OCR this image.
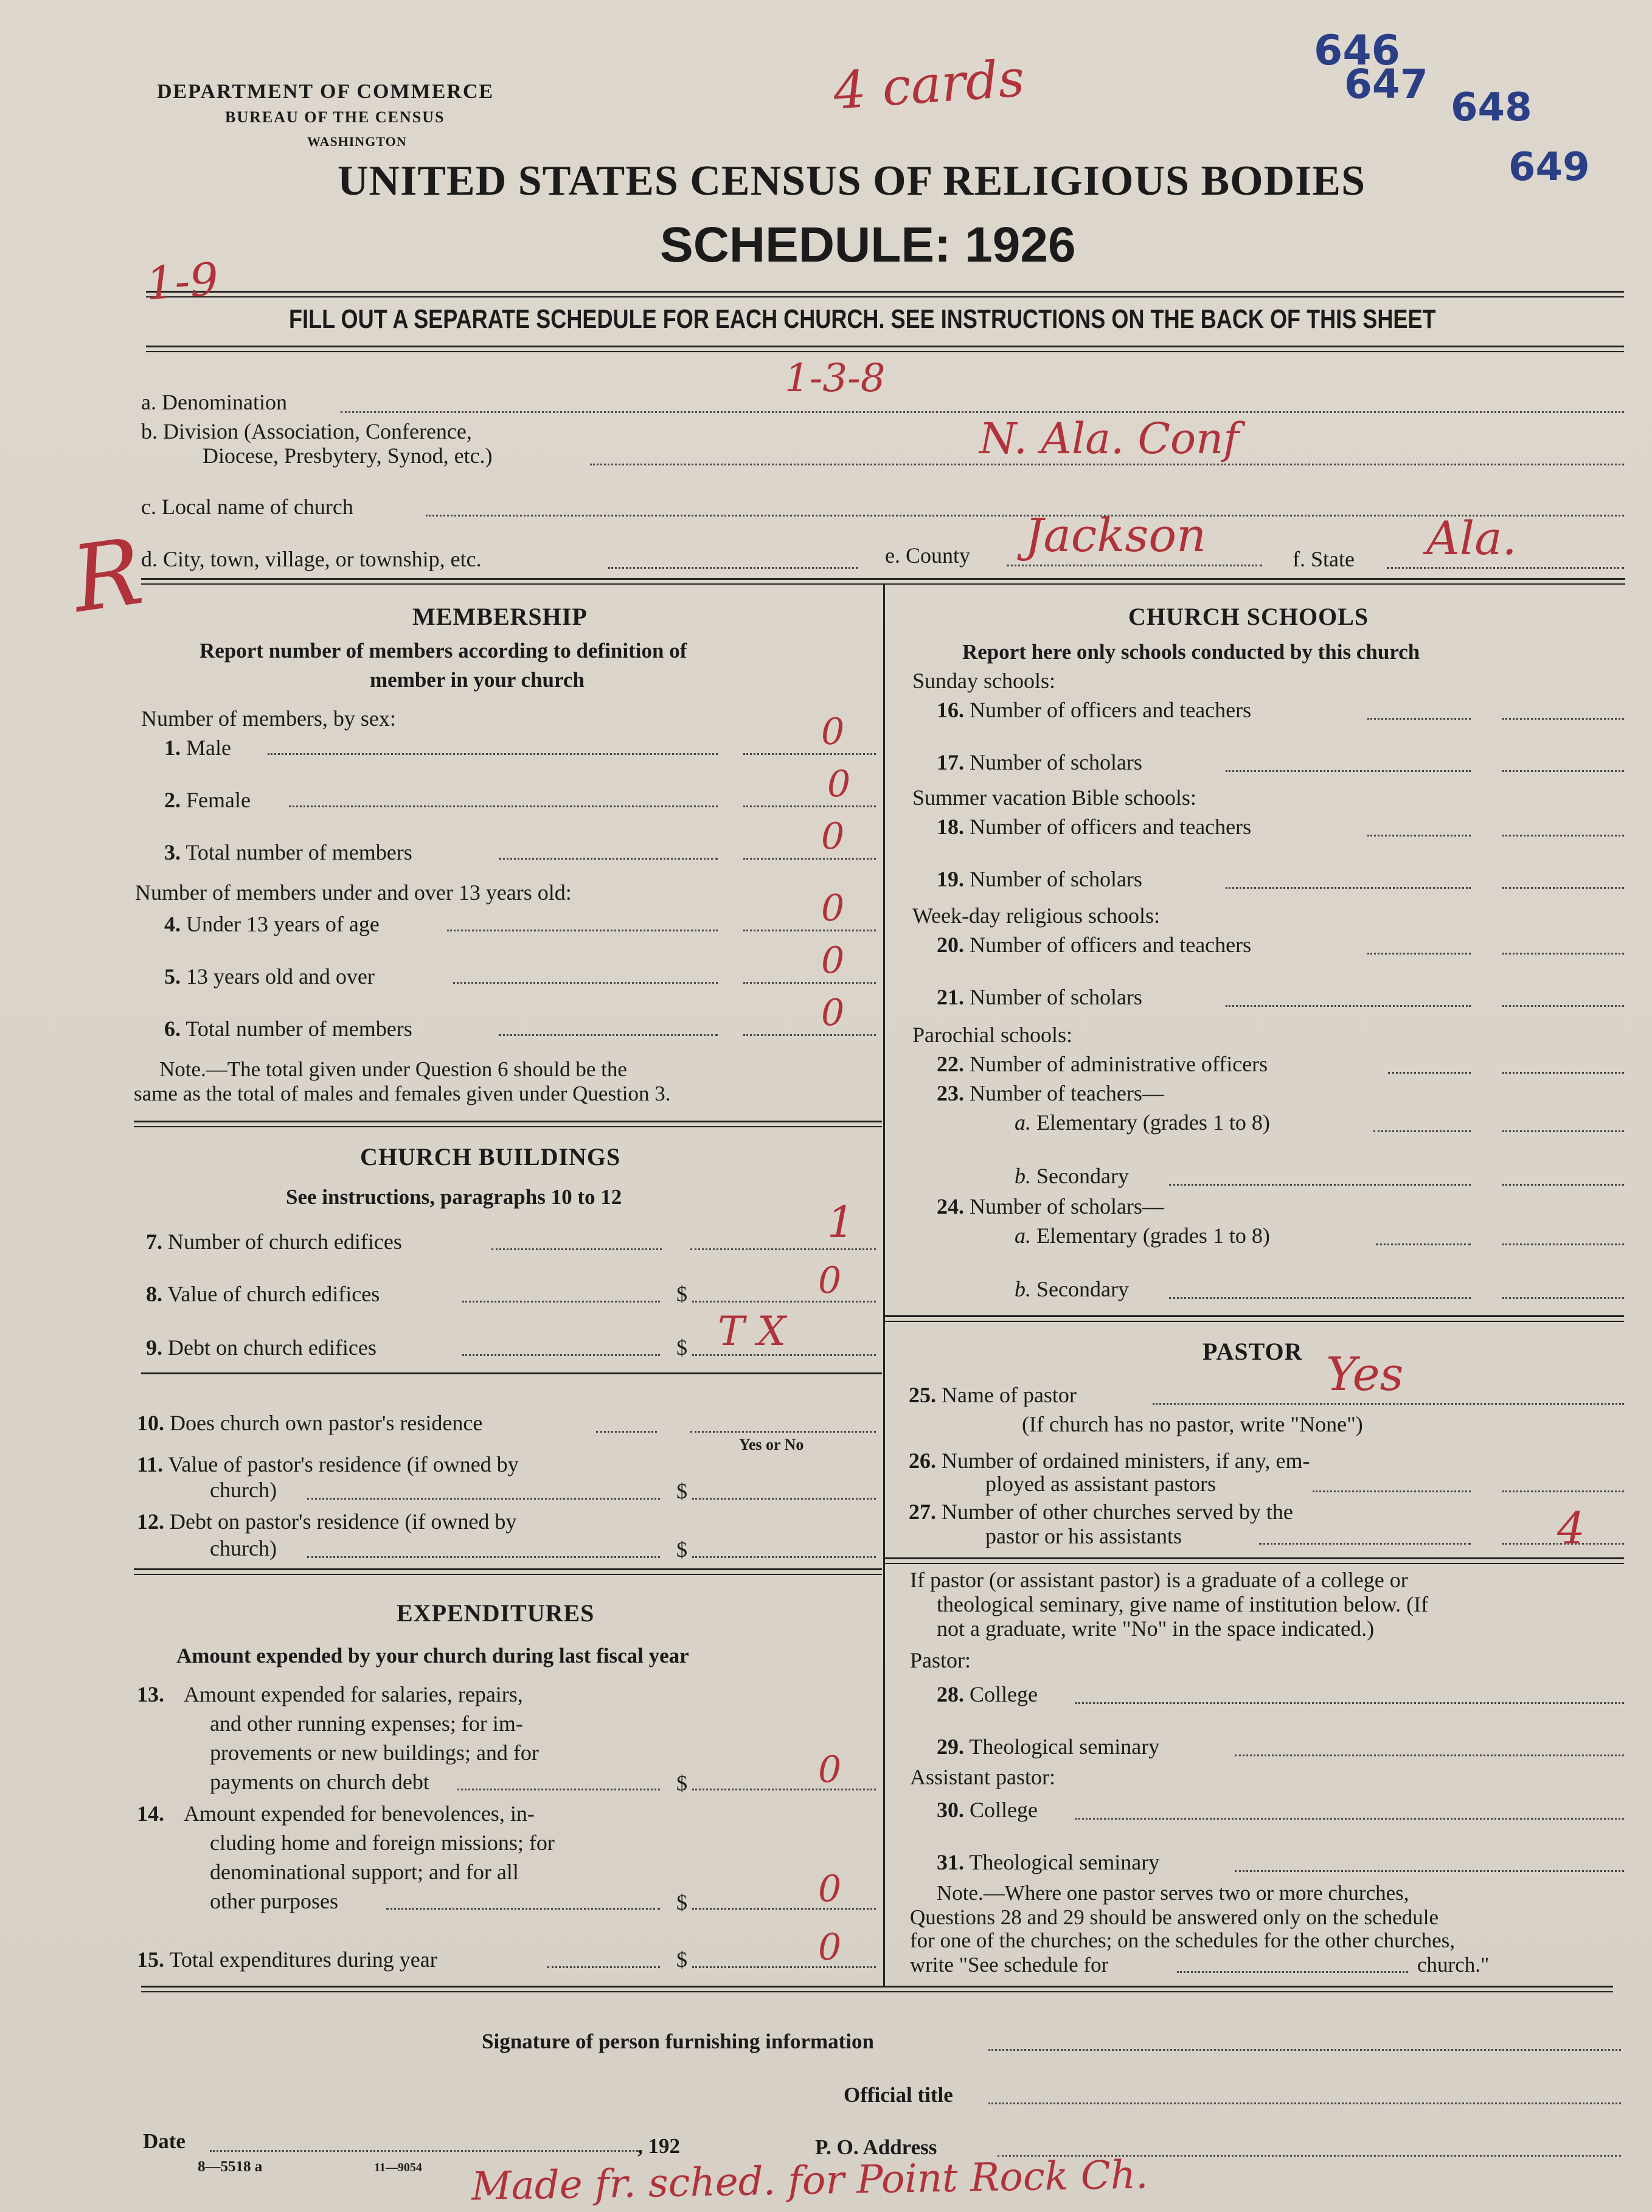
DEPARTMENT OF COMMERCE
BUREAU OF THE CENSUS
WASHINGTON
UNITED STATES CENSUS OF RELIGIOUS BODIES
SCHEDULE: 1926
FILL OUT A SEPARATE SCHEDULE FOR EACH CHURCH. SEE INSTRUCTIONS ON THE BACK OF THIS SHEET
4 cards
1-9
R
646
647 648
649
a. Denomination
1-3-8
b. Division (Association, Conference,
Diocese, Presbytery, Synod, etc.)	N. Ala. Conf
c. Local name of church
d. City, town, village, or township, etc.	e. County Jackson	f. State Ala.
MEMBERSHIP
Report number of members according to definition of
member in your church
Number of members, by sex:
1. Male	0
2. Female	0
3. Total number of members	0
Number of members under and over 13 years old:
4. Under 13 years of age	0
5. 13 years old and over	0
6. Total number of members	0
Note.—The total given under Question 6 should be the
same as the total of males and females given under Question 3.
CHURCH BUILDINGS
See instructions, paragraphs 10 to 12
7. Number of church edifices	1
8. Value of church edifices	$	0
9. Debt on church edifices	$ T X
10. Does church own pastor's residence
Yes or No
11. Value of pastor's residence (if owned by
church)	$
12. Debt on pastor's residence (if owned by
church)	$
EXPENDITURES
Amount expended by your church during last fiscal year
13. Amount expended for salaries, repairs,
and other running expenses; for im-
provements or new buildings; and for
payments on church debt	$	0
14. Amount expended for benevolences, in-
cluding home and foreign missions; for
denominational support; and for all
other purposes	$	0
15. Total expenditures during year	$	0
CHURCH SCHOOLS
Report here only schools conducted by this church
Sunday schools:
16. Number of officers and teachers
17. Number of scholars
Summer vacation Bible schools:
18. Number of officers and teachers
19. Number of scholars
Week-day religious schools:
20. Number of officers and teachers
21. Number of scholars
Parochial schools:
22. Number of administrative officers
23. Number of teachers—
a. Elementary (grades 1 to 8)
b. Secondary
24. Number of scholars—
a. Elementary (grades 1 to 8)
b. Secondary
PASTOR
25. Name of pastor	Yes
(If church has no pastor, write "None")
26. Number of ordained ministers, if any, em-
ployed as assistant pastors
27. Number of other churches served by the
pastor or his assistants	4
If pastor (or assistant pastor) is a graduate of a college or
theological seminary, give name of institution below. (If
not a graduate, write "No" in the space indicated.)
Pastor:
28. College
29. Theological seminary
Assistant pastor:
30. College
31. Theological seminary
Note.—Where one pastor serves two or more churches,
Questions 28 and 29 should be answered only on the schedule
for one of the churches; on the schedules for the other churches,
write "See schedule for	church."
Signature of person furnishing information
Official title
Date	, 192	P. O. Address
8—5518 a	11—9054 Made fr. sched. for Point Rock Ch.
